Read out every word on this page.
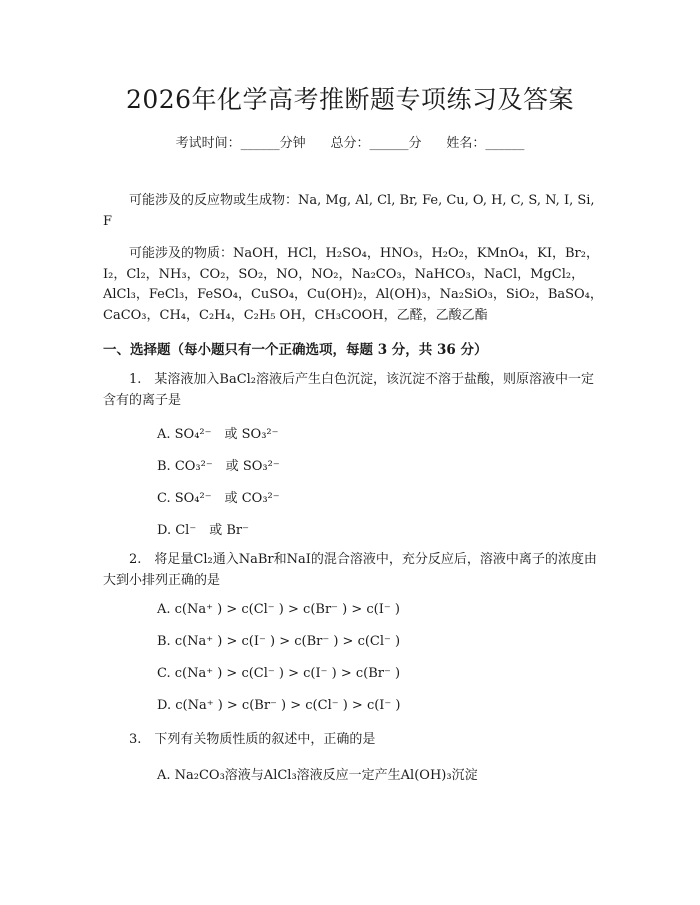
2026年化学高考推断题专项练习及答案
考试时间：______分钟 总分：______分 姓名：______
可能涉及的反应物或生成物：Na, Mg, Al, Cl, Br, Fe, Cu, O, H, C, S, N, I, Si, F
可能涉及的物质：NaOH，HCl，H₂SO₄，HNO₃，H₂O₂，KMnO₄，KI，Br₂，I₂，Cl₂，NH₃，CO₂，SO₂，NO，NO₂，Na₂CO₃，NaHCO₃，NaCl，MgCl₂，AlCl₃，FeCl₃，FeSO₄，CuSO₄，Cu(OH)₂，Al(OH)₃，Na₂SiO₃，SiO₂，BaSO₄，CaCO₃，CH₄，C₂H₄，C₂H₅ OH，CH₃COOH，乙醛，乙酸乙酯
一、选择题（每小题只有一个正确选项，每题 3 分，共 36 分）
1.　某溶液加入BaCl₂溶液后产生白色沉淀，该沉淀不溶于盐酸，则原溶液中一定含有的离子是
A. SO₄²⁻　或 SO₃²⁻
B. CO₃²⁻　或 SO₃²⁻
C. SO₄²⁻　或 CO₃²⁻
D. Cl⁻　或 Br⁻
2.　将足量Cl₂通入NaBr和NaI的混合溶液中，充分反应后，溶液中离子的浓度由大到小排列正确的是
A. c(Na⁺ ) > c(Cl⁻ ) > c(Br⁻ ) > c(I⁻ )
B. c(Na⁺ ) > c(I⁻ ) > c(Br⁻ ) > c(Cl⁻ )
C. c(Na⁺ ) > c(Cl⁻ ) > c(I⁻ ) > c(Br⁻ )
D. c(Na⁺ ) > c(Br⁻ ) > c(Cl⁻ ) > c(I⁻ )
3.　下列有关物质性质的叙述中，正确的是
A. Na₂CO₃溶液与AlCl₃溶液反应一定产生Al(OH)₃沉淀
